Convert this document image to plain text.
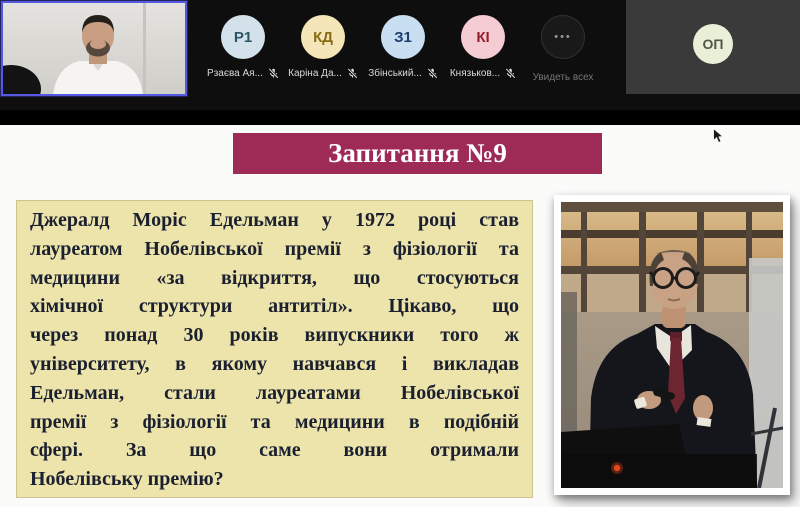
Р1
Рзаєва Ая...
КД
Каріна Да...
З1
Збінський...
КІ
Князьков...
•••
Увидеть всех
ОП
Запитання №9
Джералд Моріс Едельман у 1972 році став
лауреатом Нобелівської премії з фізіології та
медицини «за відкриття, що стосуються
хімічної структури антитіл». Цікаво, що
через понад 30 років випускники того ж
університету, в якому навчався і викладав
Едельман, стали лауреатами Нобелівської
премії з фізіології та медицини в подібній
сфері. За що саме вони отримали
Нобелівську премію?
